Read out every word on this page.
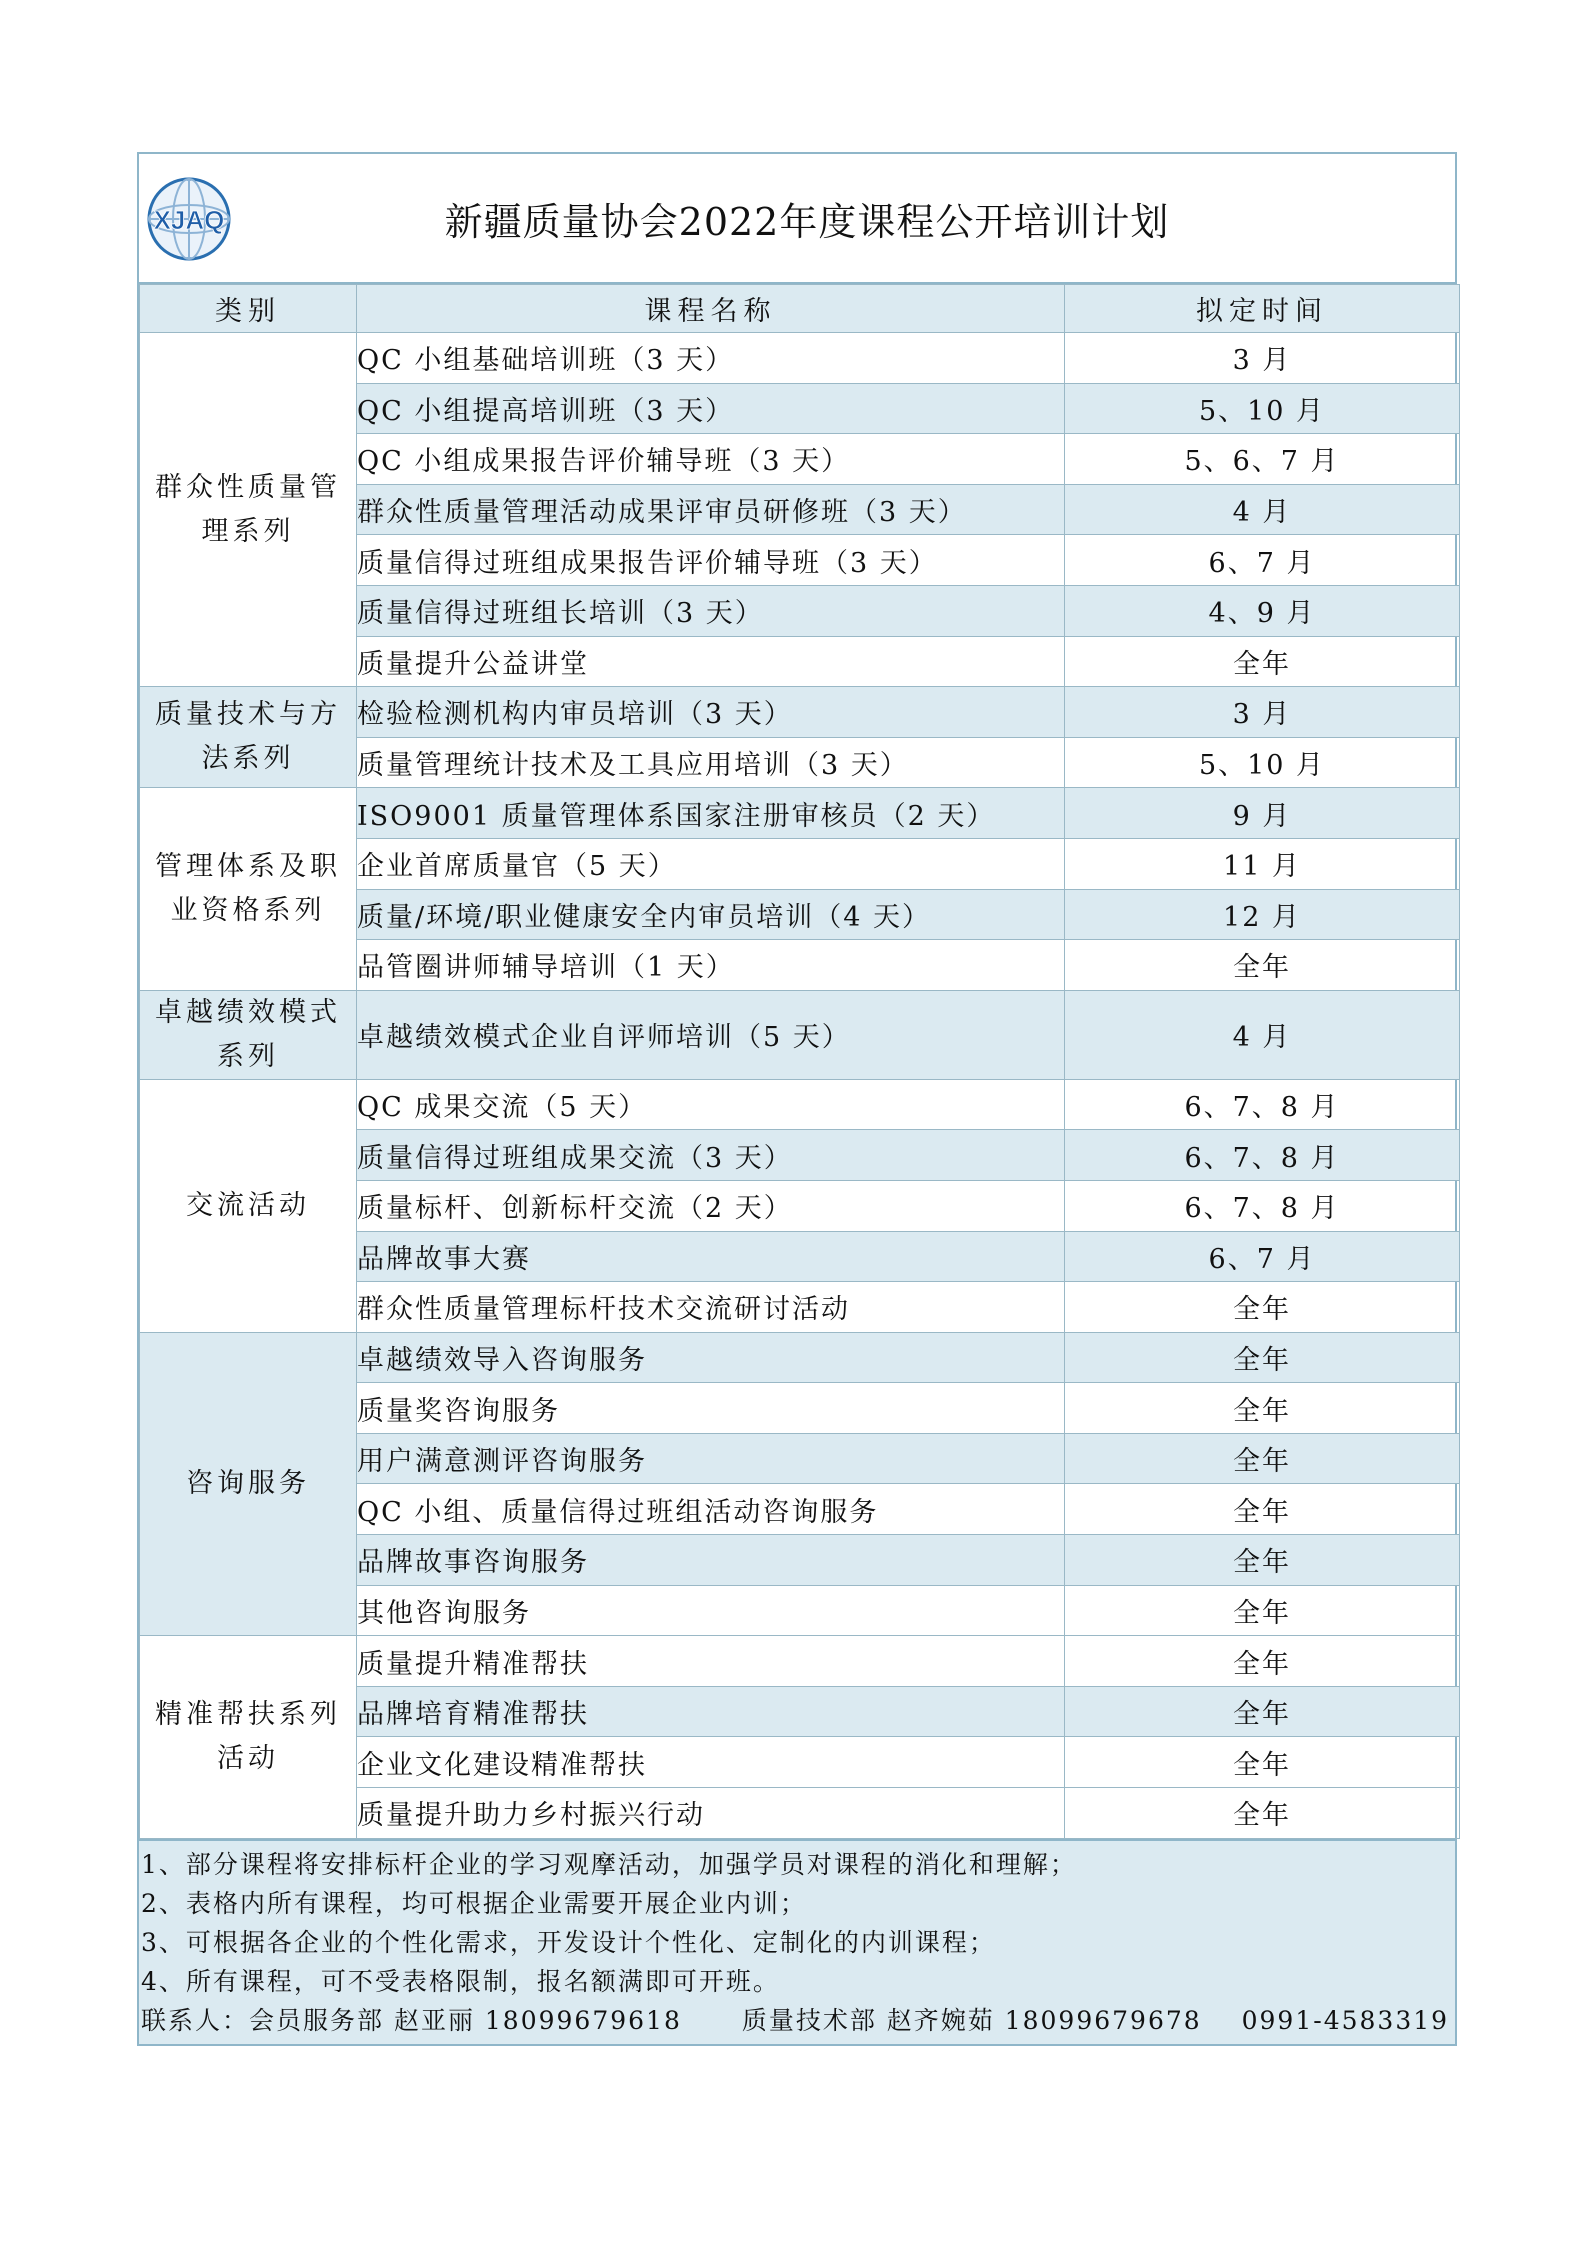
XJAQ	新疆质量协会2022年度课程公开培训计划
类别	课程名称	拟定时间
群众性质量管理系列	QC 小组基础培训班（3 天）	3 月
	QC 小组提高培训班（3 天）	5、10 月
	QC 小组成果报告评价辅导班（3 天）	5、6、7 月
	群众性质量管理活动成果评审员研修班（3 天）	4 月
	质量信得过班组成果报告评价辅导班（3 天）	6、7 月
	质量信得过班组长培训（3 天）	4、9 月
	质量提升公益讲堂	全年
质量技术与方法系列	检验检测机构内审员培训（3 天）	3 月
	质量管理统计技术及工具应用培训（3 天）	5、10 月
管理体系及职业资格系列	ISO9001 质量管理体系国家注册审核员（2 天）	9 月
	企业首席质量官（5 天）	11 月
	质量/环境/职业健康安全内审员培训（4 天）	12 月
	品管圈讲师辅导培训（1 天）	全年
卓越绩效模式系列	卓越绩效模式企业自评师培训（5 天）	4 月
交流活动	QC 成果交流（5 天）	6、7、8 月
	质量信得过班组成果交流（3 天）	6、7、8 月
	质量标杆、创新标杆交流（2 天）	6、7、8 月
	品牌故事大赛	6、7 月
	群众性质量管理标杆技术交流研讨活动	全年
咨询服务	卓越绩效导入咨询服务	全年
	质量奖咨询服务	全年
	用户满意测评咨询服务	全年
	QC 小组、质量信得过班组活动咨询服务	全年
	品牌故事咨询服务	全年
	其他咨询服务	全年
精准帮扶系列活动	质量提升精准帮扶	全年
	品牌培育精准帮扶	全年
	企业文化建设精准帮扶	全年
	质量提升助力乡村振兴行动	全年
1、部分课程将安排标杆企业的学习观摩活动，加强学员对课程的消化和理解；
2、表格内所有课程，均可根据企业需要开展企业内训；
3、可根据各企业的个性化需求，开发设计个性化、定制化的内训课程；
4、所有课程，可不受表格限制，报名额满即可开班。
联系人：会员服务部 赵亚丽 18099679618 质量技术部 赵齐婉茹 18099679678 0991-4583319
